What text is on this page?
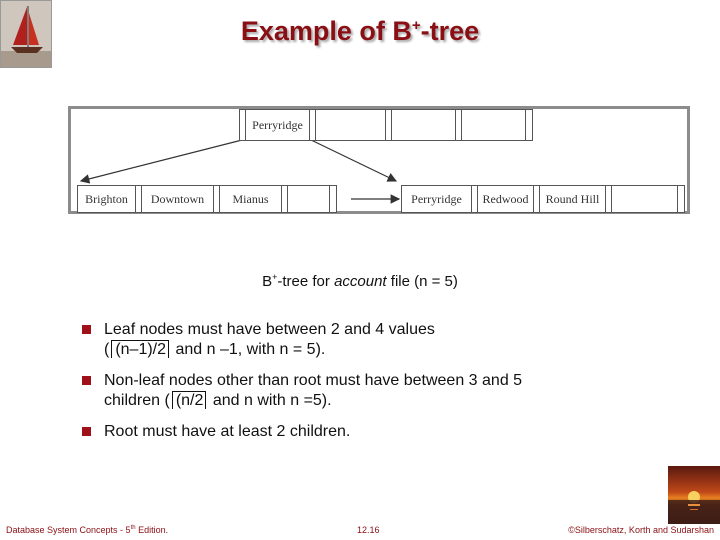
Example of B+-tree
Perryridge
Brighton	Downtown	Mianus	Perryridge	Redwood	Round Hill
B+-tree for account file (n = 5)
Leaf nodes must have between 2 and 4 values
( (n–1)/2 and n –1, with n = 5).
Non-leaf nodes other than root must have between 3 and 5
children ( (n/2 and n with n =5).
Root must have at least 2 children.
Database System Concepts - 5th Edition.	12.16	©Silberschatz, Korth and Sudarshan
